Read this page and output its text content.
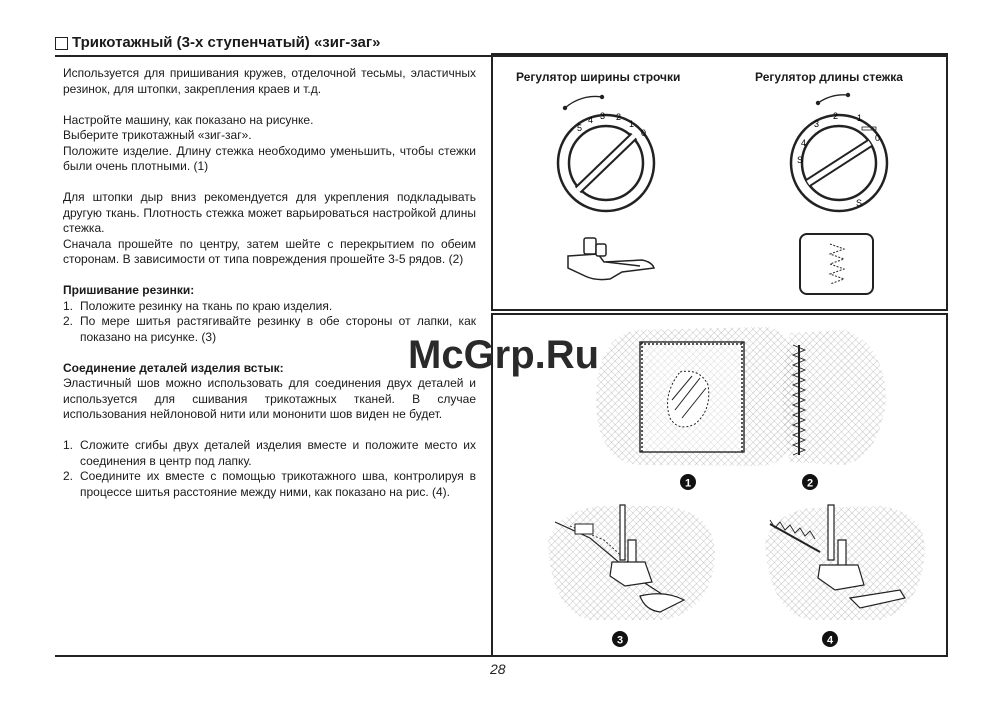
Трикотажный (3-х ступенчатый) «зиг-заг»

Используется для пришивания кружев, отделочной тесьмы, эластичных резинок, для штопки, закрепления краев и т.д.

Настройте машину, как показано на рисунке.

Выберите трикотажный «зиг-заг».

Положите изделие. Длину стежка необходимо уменьшить, чтобы стежки были очень плотными. (1)

Для штопки дыр вниз рекомендуется для укрепления подкладывать другую ткань. Плотность стежка может варьироваться настройкой длины стежка.

Сначала прошейте по центру, затем шейте с перекрытием по обеим сторонам. В зависимости от типа повреждения прошейте 3-5 рядов. (2)

Пришивание резинки:

1. Положите резинку на ткань по краю изделия.
2. По мере шитья растягивайте резинку в обе стороны от лапки, как показано на рисунке. (3)

Соединение деталей изделия встык:

Эластичный шов можно использовать для соединения двух деталей и используется для сшивания трикотажных тканей. В случае использования нейлоновой нити или мононити шов виден не будет.

1. Сложите сгибы двух деталей изделия вместе и положите место их соединения в центр под лапку.
2. Соедините их вместе с помощью трикотажного шва, контролируя в процессе шитья расстояние между ними, как показано на рис. (4).
Регулятор ширины строчки	Регулятор длины стежка
5
4 3 2
1
0
S
4
3
2 1
0
S
1	2
3	4
McGrp.Ru
28
